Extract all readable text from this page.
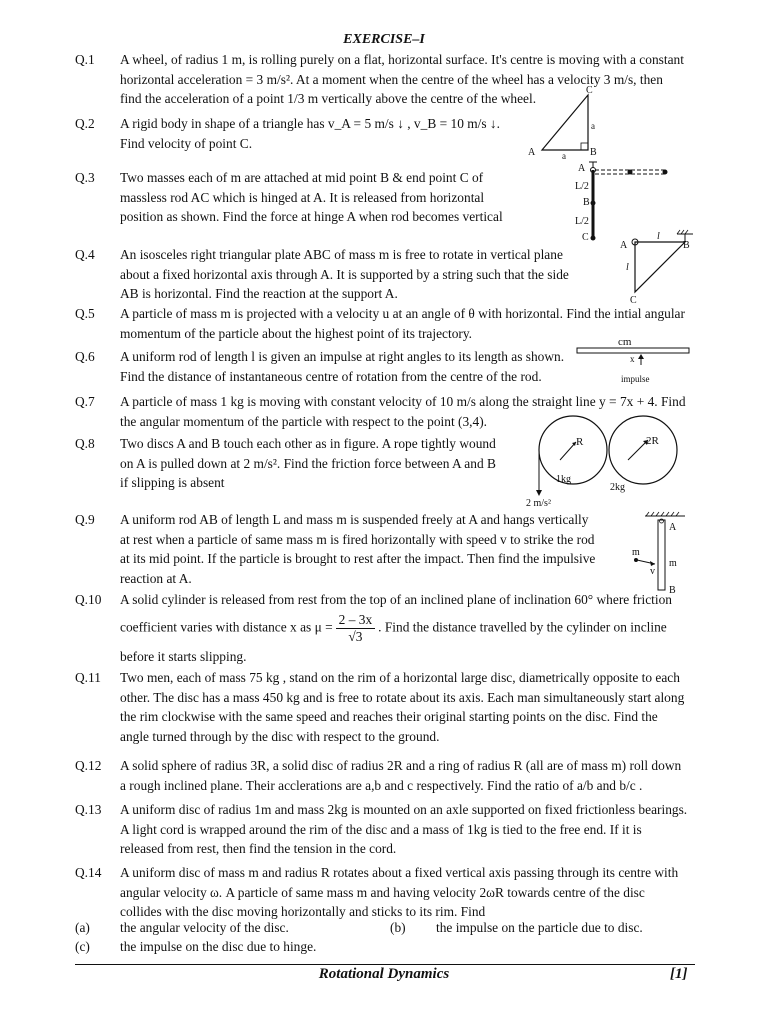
EXERCISE–I
Q.1	A wheel, of radius 1 m, is rolling purely on a flat, horizontal surface. It's centre is moving with a constant
horizontal acceleration = 3 m/s². At a moment when the centre of the wheel has a velocity 3 m/s, then
find the acceleration of a point 1/3 m vertically above the centre of the wheel.
Q.2	A rigid body in shape of a triangle has v_A = 5 m/s ↓ , v_B = 10 m/s ↓.
Find velocity of point C.
Q.3	Two masses each of m are attached at mid point B & end point C of
massless rod AC which is hinged at A. It is released from horizontal
position as shown. Find the force at hinge A when rod becomes vertical
Q.4	An isosceles right triangular plate ABC of mass m is free to rotate in vertical plane
about a fixed horizontal axis through A. It is supported by a string such that the side
AB is horizontal. Find the reaction at the support A.
Q.5	A particle of mass m is projected with a velocity u at an angle of θ with horizontal. Find the intial angular
momentum of the particle about the highest point of its trajectory.
Q.6	A uniform rod of length l is given an impulse at right angles to its length as shown.
Find the distance of instantaneous centre of rotation from the centre of the rod.
Q.7	A particle of mass 1 kg is moving with constant velocity of 10 m/s along the straight line y = 7x + 4. Find
the angular momentum of the particle with respect to the point (3,4).
Q.8	Two discs A and B touch each other as in figure. A rope tightly wound
on A is pulled down at 2 m/s². Find the friction force between A and B
if slipping is absent
Q.9	A uniform rod AB of length L and mass m is suspended freely at A and hangs vertically
at rest when a particle of same mass m is fired horizontally with speed v to strike the rod
at its mid point. If the particle is brought to rest after the impact. Then find the impulsive
reaction at A.
Q.10	A solid cylinder is released from rest from the top of an inclined plane of inclination 60° where friction
coefficient varies with distance x as $\mu = \frac{2 - 3x}{√3}$ . Find the distance travelled by the cylinder on incline
before it starts slipping.
Q.11	Two men, each of mass 75 kg , stand on the rim of a horizontal large disc, diametrically opposite to each
other. The disc has a mass 450 kg and is free to rotate about its axis. Each man simultaneously start along
the rim clockwise with the same speed and reaches their original starting points on the disc. Find the
angle turned through by the disc with respect to the ground.
Q.12	A solid sphere of radius 3R, a solid disc of radius 2R and a ring of radius R (all are of mass m) roll down
a rough inclined plane. Their acclerations are a,b and c respectively. Find the ratio of a/b and b/c .
Q.13	A uniform disc of radius 1m and mass 2kg is mounted on an axle supported on fixed frictionless bearings.
A light cord is wrapped around the rim of the disc and a mass of 1kg is tied to the free end. If it is
released from rest, then find the tension in the cord.
Q.14	A uniform disc of mass m and radius R rotates about a fixed vertical axis passing through its centre with
angular velocity ω. A particle of same mass m and having velocity 2ωR towards centre of the disc
collides with the disc moving horizontally and sticks to its rim. Find
(a) the angular velocity of the disc.	(b) the impulse on the particle due to disc.
(c) the impulse on the disc due to hinge.
C
A	B
a
a
A
B
C
L/2
L/2
A	B
C
l
l
cm
x
impulse
R	2R
1kg
2kg
2 m/s²
A
m
B
m
v
Rotational Dynamics	[1]
